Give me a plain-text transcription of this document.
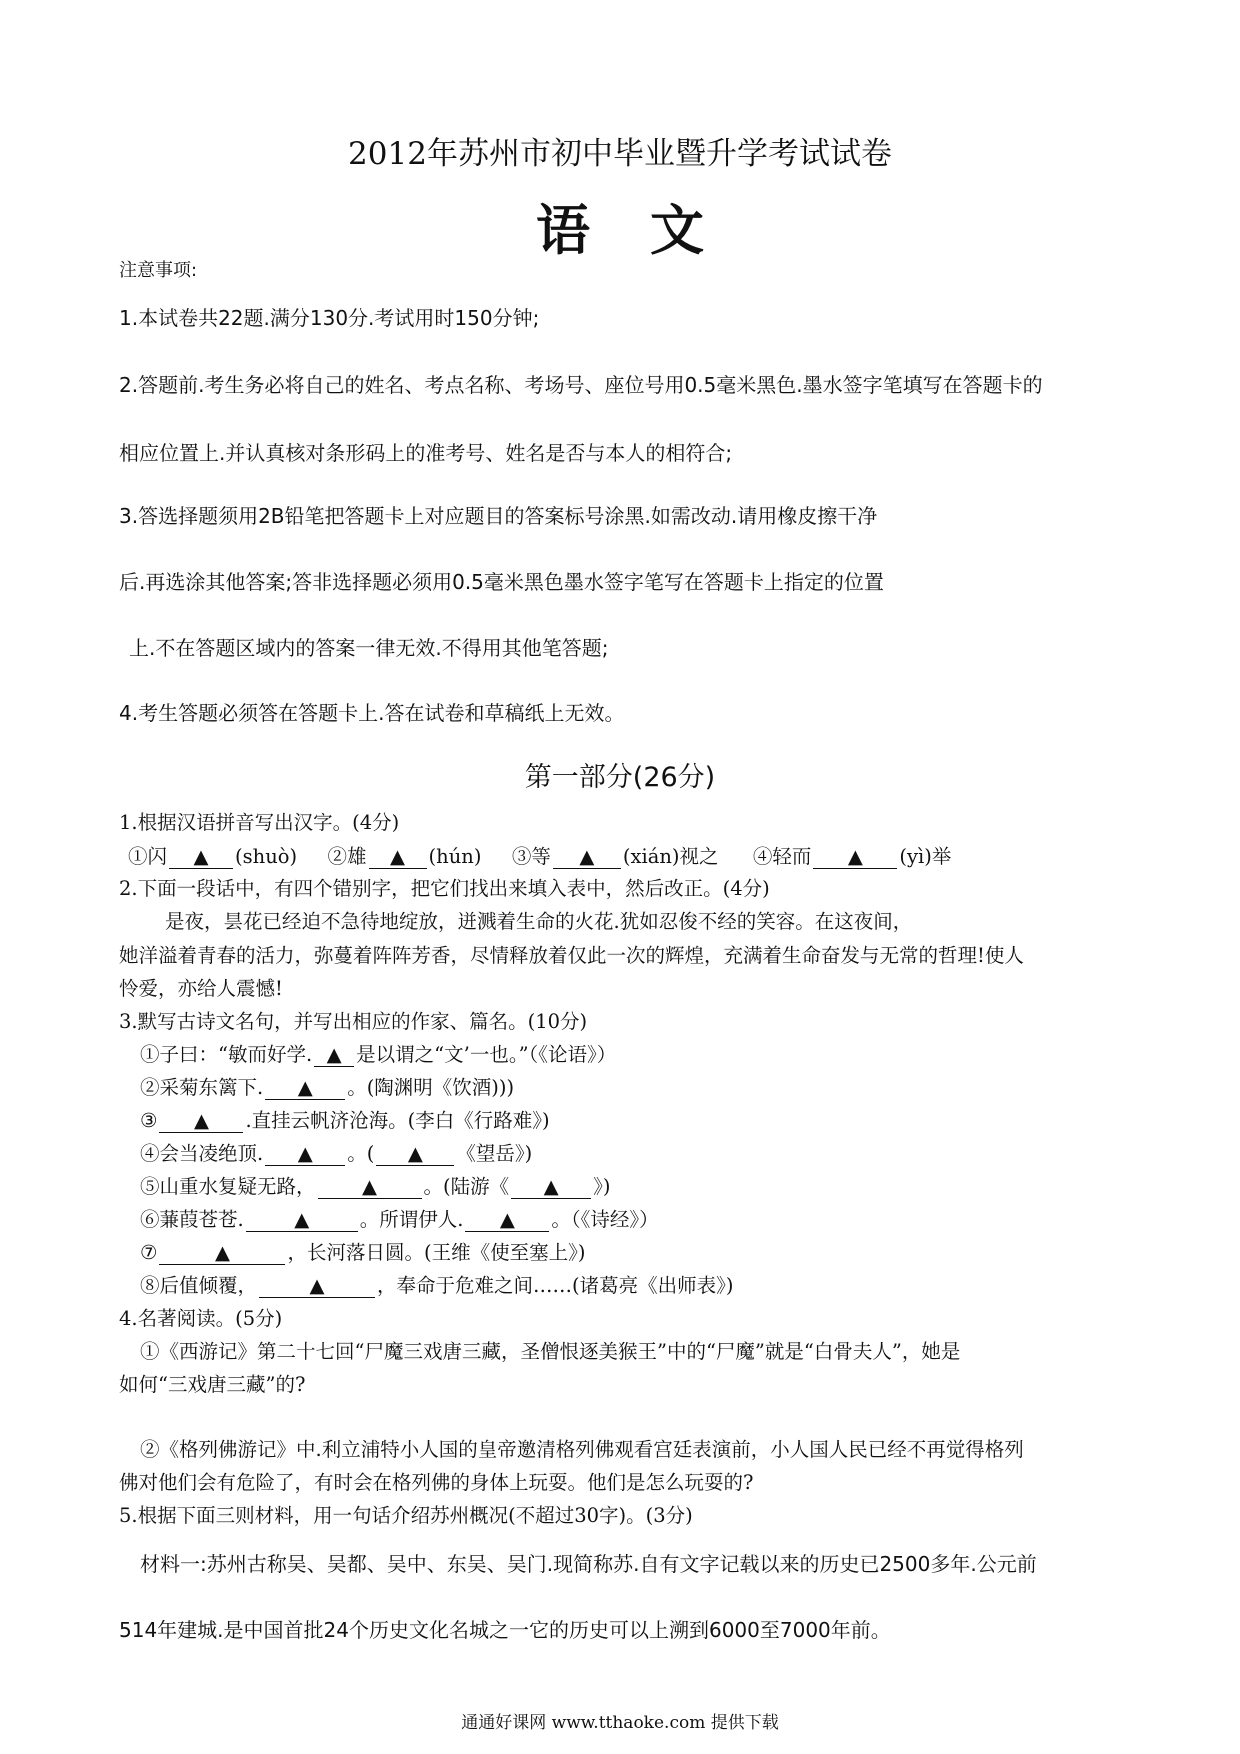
2012年苏州市初中毕业暨升学考试试卷
语文
注意事项:
1.本试卷共22题.满分130分.考试用时150分钟;
2.答题前.考生务必将自己的姓名、考点名称、考场号、座位号用0.5毫米黑色.墨水签字笔填写在答题卡的
相应位置上.并认真核对条形码上的准考号、姓名是否与本人的相符合;
3.答选择题须用2B铅笔把答题卡上对应题目的答案标号涂黑.如需改动.请用橡皮擦干净
后.再选涂其他答案;答非选择题必须用0.5毫米黑色墨水签字笔写在答题卡上指定的位置
上.不在答题区域内的答案一律无效.不得用其他笔答题;
4.考生答题必须答在答题卡上.答在试卷和草稿纸上无效。
第一部分(26分)
1.根据汉语拼音写出汉字。(4分)
①闪 ▲ (shuò) ②雄 ▲ (hún) ③等 ▲ (xián)视之 ④轻而 ▲ (yì)举
2.下面一段话中，有四个错别字，把它们找出来填入表中，然后改正。(4分)
是夜，昙花已经迫不急待地绽放，迸溅着生命的火花.犹如忍俊不经的笑容。在这夜间，
她洋溢着青春的活力，弥蔓着阵阵芳香，尽情释放着仅此一次的辉煌，充满着生命奋发与无常的哲理!使人
怜爱，亦给人震憾!
3.默写古诗文名句，并写出相应的作家、篇名。(10分)
①子曰：“敏而好学. ▲ 是以谓之“文’一也。”（《论语》）
②采菊东篱下. ▲ 。(陶渊明《饮酒)))
③ ▲ .直挂云帆济沧海。(李白《行路难》)
④会当凌绝顶. ▲ 。( ▲ 《望岳》)
⑤山重水复疑无路， ▲ 。(陆游《 ▲ 》)
⑥蒹葭苍苍.	▲	。所谓伊人. ▲ 。（《诗经》）
⑦	▲	，长河落日圆。(王维《使至塞上》)
⑧后值倾覆，	▲	，奉命于危难之间……(诸葛亮《出师表》)
4.名著阅读。(5分)
①《西游记》第二十七回“尸魔三戏唐三藏，圣僧恨逐美猴王”中的“尸魔”就是“白骨夫人”，她是
如何“三戏唐三藏”的?
②《格列佛游记》中.利立浦特小人国的皇帝邀清格列佛观看宫廷表演前，小人国人民已经不再觉得格列
佛对他们会有危险了，有时会在格列佛的身体上玩耍。他们是怎么玩耍的?
5.根据下面三则材料，用一句话介绍苏州概况(不超过30字)。(3分)
材料一:苏州古称吴、吴都、吴中、东吴、吴门.现简称苏.自有文字记载以来的历史已2500多年.公元前
514年建城.是中国首批24个历史文化名城之一它的历史可以上溯到6000至7000年前。
通通好课网 www.tthaoke.com 提供下载
